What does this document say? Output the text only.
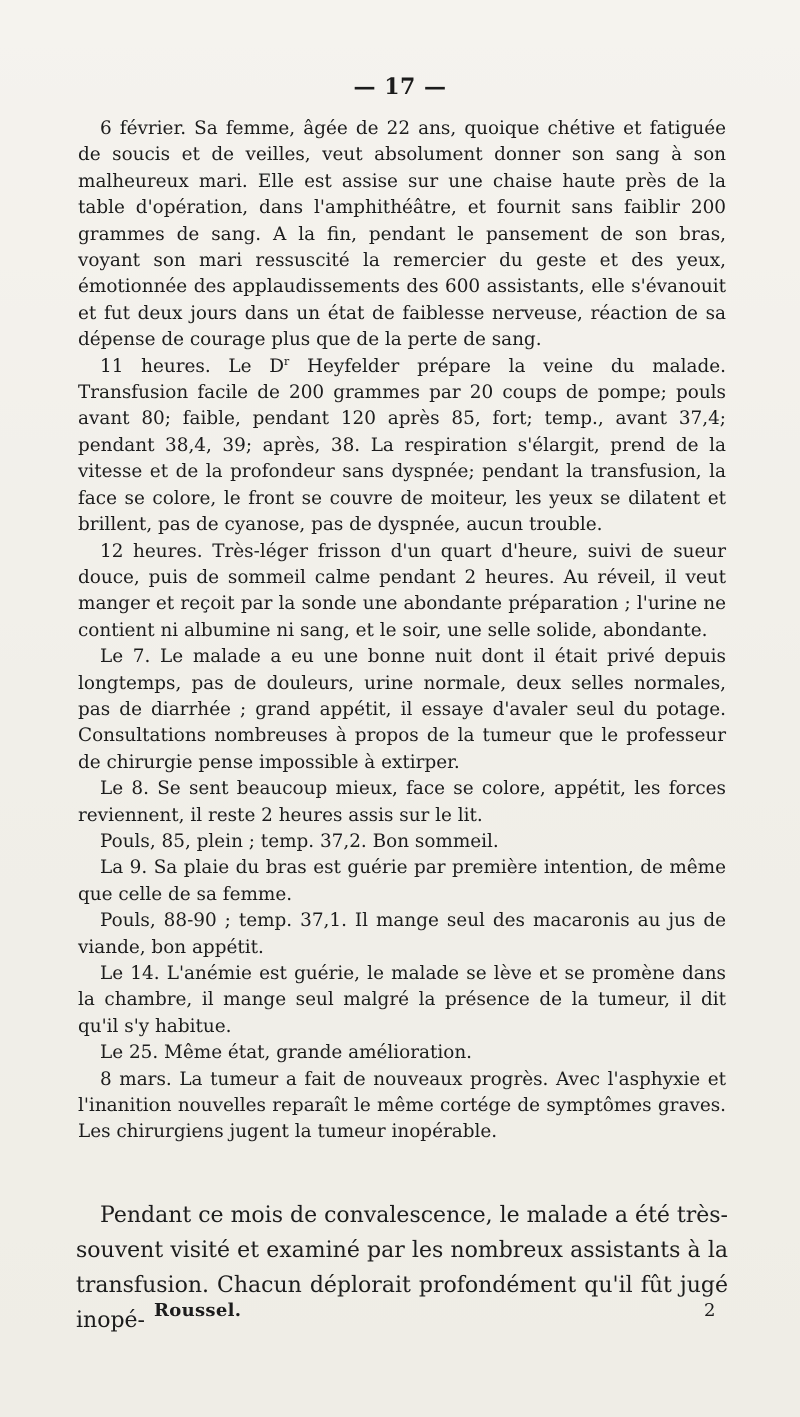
— 17 —

6 février. Sa femme, âgée de 22 ans, quoique chétive et fatiguée de soucis et de veilles, veut absolument donner son sang à son malheureux mari. Elle est assise sur une chaise haute près de la table d'opération, dans l'amphithéâtre, et fournit sans faiblir 200 grammes de sang. A la fin, pendant le pansement de son bras, voyant son mari ressuscité la remercier du geste et des yeux, émotionnée des applaudissements des 600 assistants, elle s'évanouit et fut deux jours dans un état de faiblesse nerveuse, réaction de sa dépense de courage plus que de la perte de sang.

11 heures. Le $D^r$ Heyfelder prépare la veine du malade. Transfusion facile de 200 grammes par 20 coups de pompe; pouls avant 80; faible, pendant 120 après 85, fort; temp., avant 37,4; pendant 38,4, 39; après, 38. La respiration s'élargit, prend de la vitesse et de la profondeur sans dyspnée; pendant la transfusion, la face se colore, le front se couvre de moiteur, les yeux se dilatent et brillent, pas de cyanose, pas de dyspnée, aucun trouble.

12 heures. Très-léger frisson d'un quart d'heure, suivi de sueur douce, puis de sommeil calme pendant 2 heures. Au réveil, il veut manger et reçoit par la sonde une abondante préparation ; l'urine ne contient ni albumine ni sang, et le soir, une selle solide, abondante.

Le 7. Le malade a eu une bonne nuit dont il était privé depuis longtemps, pas de douleurs, urine normale, deux selles normales, pas de diarrhée ; grand appétit, il essaye d'avaler seul du potage. Consultations nombreuses à propos de la tumeur que le professeur de chirurgie pense impossible à extirper.

Le 8. Se sent beaucoup mieux, face se colore, appétit, les forces reviennent, il reste 2 heures assis sur le lit.

Pouls, 85, plein ; temp. 37,2. Bon sommeil.

La 9. Sa plaie du bras est guérie par première intention, de même que celle de sa femme.

Pouls, 88-90 ; temp. 37,1. Il mange seul des macaronis au jus de viande, bon appétit.

Le 14. L'anémie est guérie, le malade se lève et se promène dans la chambre, il mange seul malgré la présence de la tumeur, il dit qu'il s'y habitue.

Le 25. Même état, grande amélioration.

8 mars. La tumeur a fait de nouveaux progrès. Avec l'asphyxie et l'inanition nouvelles reparaît le même cortége de symptômes graves. Les chirurgiens jugent la tumeur inopérable.

Pendant ce mois de convalescence, le malade a été très-souvent visité et examiné par les nombreux assistants à la transfusion. Chacun déplorait profondément qu'il fût jugé inopé- Roussel.	2
